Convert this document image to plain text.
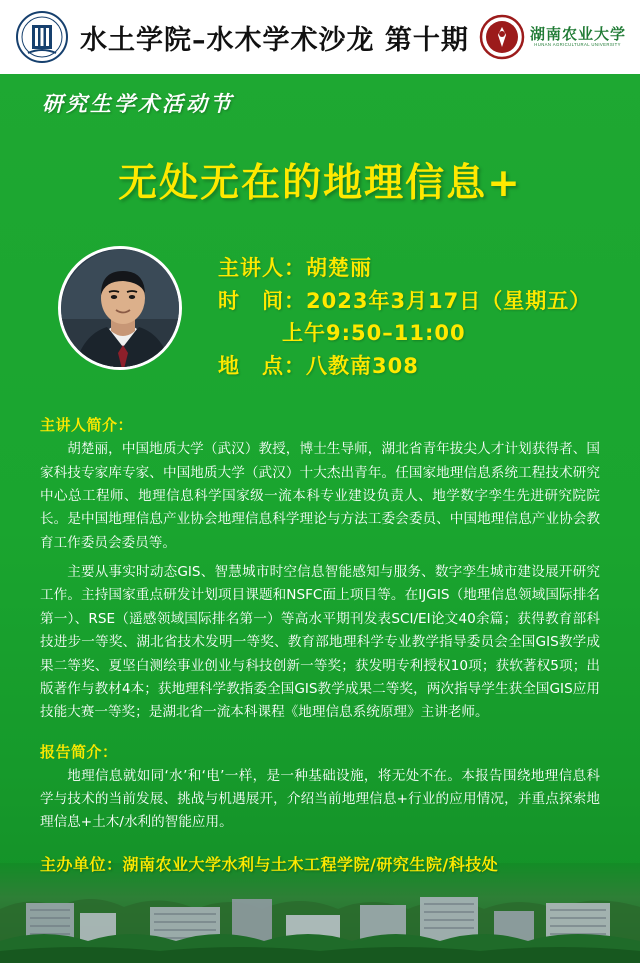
水土学院–水木学术沙龙 第十期	湖南农业大学
HUNAN AGRICULTURAL UNIVERSITY
研究生学术活动节
无处无在的地理信息+
主讲人：胡楚丽
时　间：2023年3月17日（星期五）
上午9:50–11:00
地　点：八教南308
主讲人简介：

胡楚丽，中国地质大学（武汉）教授，博士生导师，湖北省青年拔尖人才计划获得者、国家科技专家库专家、中国地质大学（武汉）十大杰出青年。任国家地理信息系统工程技术研究中心总工程师、地理信息科学国家级一流本科专业建设负责人、地学数字孪生先进研究院院长。是中国地理信息产业协会地理信息科学理论与方法工委会委员、中国地理信息产业协会教育工作委员会委员等。

主要从事实时动态GIS、智慧城市时空信息智能感知与服务、数字孪生城市建设展开研究工作。主持国家重点研发计划项目课题和NSFC面上项目等。在IJGIS（地理信息领域国际排名第一）、RSE（遥感领域国际排名第一）等高水平期刊发表SCI/EI论文40余篇；获得教育部科技进步一等奖、湖北省技术发明一等奖、教育部地理科学专业教学指导委员会全国GIS教学成果二等奖、夏坚白测绘事业创业与科技创新一等奖；获发明专利授权10项；获软著权5项；出版著作与教材4本；获地理科学教指委全国GIS教学成果二等奖，两次指导学生获全国GIS应用技能大赛一等奖；是湖北省一流本科课程《地理信息系统原理》主讲老师。

报告简介：

地理信息就如同‘水’和‘电’一样，是一种基础设施，将无处不在。本报告围绕地理信息科学与技术的当前发展、挑战与机遇展开，介绍当前地理信息+行业的应用情况，并重点探索地理信息+土木/水利的智能应用。

主办单位：湖南农业大学水利与土木工程学院/研究生院/科技处
